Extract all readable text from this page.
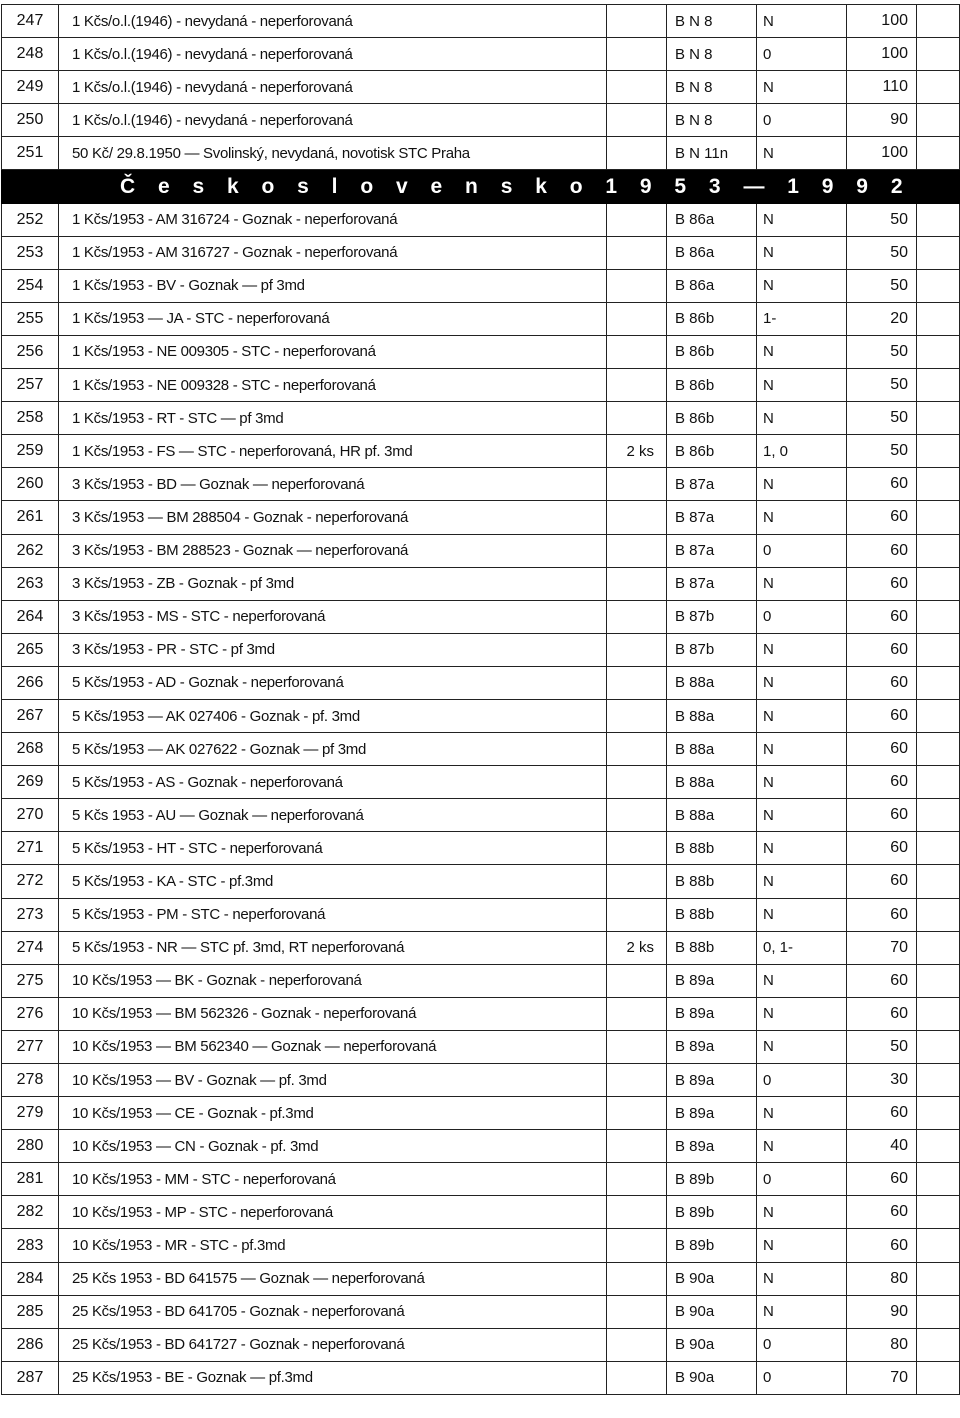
247	1 Kčs/o.l.(1946) - nevydaná - neperforovaná		B N 8	N	100	
248	1 Kčs/o.l.(1946) - nevydaná - neperforovaná		B N 8	0	100	
249	1 Kčs/o.l.(1946) - nevydaná - neperforovaná		B N 8	N	110	
250	1 Kčs/o.l.(1946) - nevydaná - neperforovaná		B N 8	0	90	
251	50 Kč/ 29.8.1950 — Svolinský, nevydaná, novotisk STC Praha		B N 11n	N	100	
Č e s k o s l o v e n s k o 1 9 5 3 — 1 9 9 2						
252	1 Kčs/1953 - AM 316724 - Goznak - neperforovaná		B 86a	N	50	
253	1 Kčs/1953 - AM 316727 - Goznak - neperforovaná		B 86a	N	50	
254	1 Kčs/1953 - BV - Goznak — pf 3md		B 86a	N	50	
255	1 Kčs/1953 — JA - STC - neperforovaná		B 86b	1-	20	
256	1 Kčs/1953 - NE 009305 - STC - neperforovaná		B 86b	N	50	
257	1 Kčs/1953 - NE 009328 - STC - neperforovaná		B 86b	N	50	
258	1 Kčs/1953 - RT - STC — pf 3md		B 86b	N	50	
259	1 Kčs/1953 - FS — STC - neperforovaná, HR pf. 3md	2 ks	B 86b	1, 0	50	
260	3 Kčs/1953 - BD — Goznak — neperforovaná		B 87a	N	60	
261	3 Kčs/1953 — BM 288504 - Goznak - neperforovaná		B 87a	N	60	
262	3 Kčs/1953 - BM 288523 - Goznak — neperforovaná		B 87a	0	60	
263	3 Kčs/1953 - ZB - Goznak - pf 3md		B 87a	N	60	
264	3 Kčs/1953 - MS - STC - neperforovaná		B 87b	0	60	
265	3 Kčs/1953 - PR - STC - pf 3md		B 87b	N	60	
266	5 Kčs/1953 - AD - Goznak - neperforovaná		B 88a	N	60	
267	5 Kčs/1953 — AK 027406 - Goznak - pf. 3md		B 88a	N	60	
268	5 Kčs/1953 — AK 027622 - Goznak — pf 3md		B 88a	N	60	
269	5 Kčs/1953 - AS - Goznak - neperforovaná		B 88a	N	60	
270	5 Kčs 1953 - AU — Goznak — neperforovaná		B 88a	N	60	
271	5 Kčs/1953 - HT - STC - neperforovaná		B 88b	N	60	
272	5 Kčs/1953 - KA - STC - pf.3md		B 88b	N	60	
273	5 Kčs/1953 - PM - STC - neperforovaná		B 88b	N	60	
274	5 Kčs/1953 - NR — STC pf. 3md, RT neperforovaná	2 ks	B 88b	0, 1-	70	
275	10 Kčs/1953 — BK - Goznak - neperforovaná		B 89a	N	60	
276	10 Kčs/1953 — BM 562326 - Goznak - neperforovaná		B 89a	N	60	
277	10 Kčs/1953 — BM 562340 — Goznak — neperforovaná		B 89a	N	50	
278	10 Kčs/1953 — BV - Goznak — pf. 3md		B 89a	0	30	
279	10 Kčs/1953 — CE - Goznak - pf.3md		B 89a	N	60	
280	10 Kčs/1953 — CN - Goznak - pf. 3md		B 89a	N	40	
281	10 Kčs/1953 - MM - STC - neperforovaná		B 89b	0	60	
282	10 Kčs/1953 - MP - STC - neperforovaná		B 89b	N	60	
283	10 Kčs/1953 - MR - STC - pf.3md		B 89b	N	60	
284	25 Kčs 1953 - BD 641575 — Goznak — neperforovaná		B 90a	N	80	
285	25 Kčs/1953 - BD 641705 - Goznak - neperforovaná		B 90a	N	90	
286	25 Kčs/1953 - BD 641727 - Goznak - neperforovaná		B 90a	0	80	
287	25 Kčs/1953 - BE - Goznak — pf.3md		B 90a	0	70	
